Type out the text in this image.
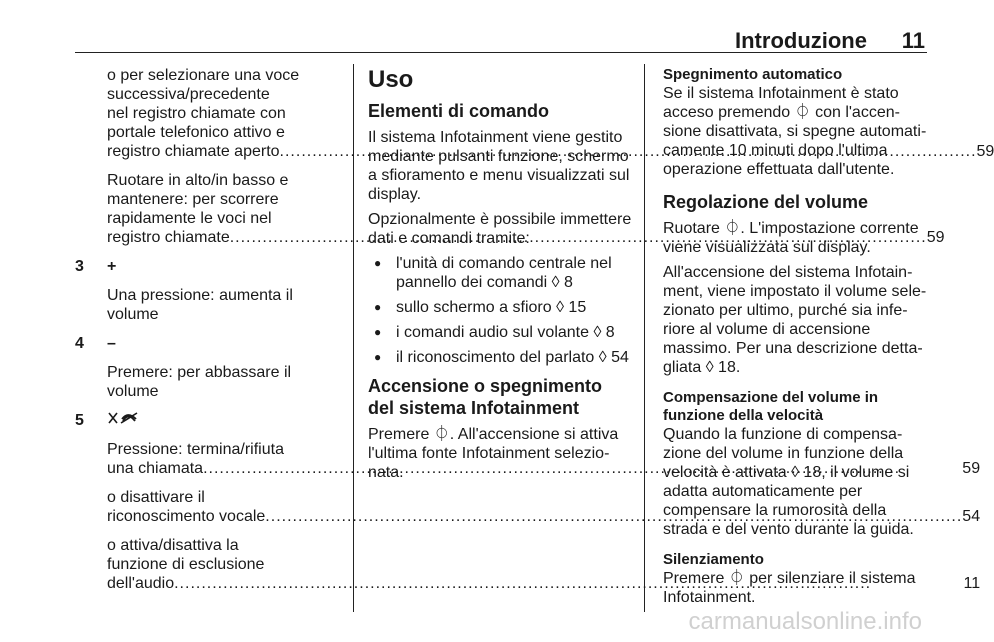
Introduzione 11
o per selezionare una voce
successiva/precedente
nel registro chiamate con
portale telefonico attivo e
registro chiamate aperto .....	59
Ruotare in alto/in basso e
mantenere: per scorrere
rapidamente le voci nel
registro chiamate .....	59
3	+
Una pressione: aumenta il
volume
4	–
Premere: per abbassare il
volume
5
Pressione: termina/rifiuta
una chiamata .....	59
o disattivare il
riconoscimento vocale .....	54
o attiva/disattiva la
funzione di esclusione
dell'audio .....	11
Uso
Elementi di comando
Il sistema Infotainment viene gestito mediante pulsanti funzione, schermo a sfioramento e menu visualizzati sul display.
Opzionalmente è possibile immettere dati e comandi tramite:
● l'unità di comando centrale nel pannello dei comandi ◊ 8
● sullo schermo a sfioro ◊ 15
● i comandi audio sul volante ◊ 8
● il riconoscimento del parlato ◊ 54
Accensione o spegnimento del sistema Infotainment
Premere ⏀. All'accensione si attiva l'ultima fonte Infotainment selezionata.
Spegnimento automatico
Se il sistema Infotainment è stato acceso premendo ⏀ con l'accensione disattivata, si spegne automaticamente 10 minuti dopo l'ultima operazione effettuata dall'utente.
Regolazione del volume
Ruotare ⏀. L'impostazione corrente viene visualizzata sul display.
All'accensione del sistema Infotainment, viene impostato il volume selezionato per ultimo, purché sia inferiore al volume di accensione massimo. Per una descrizione dettagliata ◊ 18.
Compensazione del volume in funzione della velocità
Quando la funzione di compensazione del volume in funzione della velocità è attivata ◊ 18, il volume si adatta automaticamente per compensare la rumorosità della strada e del vento durante la guida.
Silenziamento
Premere ⏀ per silenziare il sistema Infotainment.
carmanualsonline.info
